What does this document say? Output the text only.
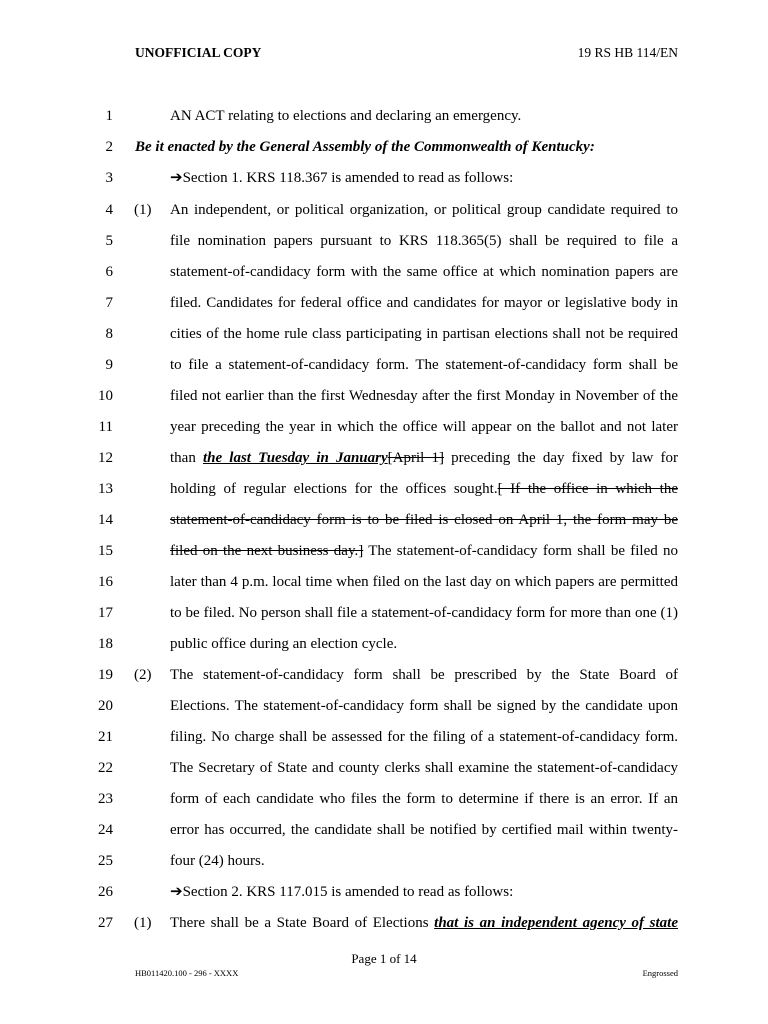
UNOFFICIAL COPY	19 RS HB 114/EN
1	AN ACT relating to elections and declaring an emergency.
2 Be it enacted by the General Assembly of the Commonwealth of Kentucky:
3	➔Section 1. KRS 118.367 is amended to read as follows:
4 (1) An independent, or political organization, or political group candidate required to
5	file nomination papers pursuant to KRS 118.365(5) shall be required to file a
6	statement-of-candidacy form with the same office at which nomination papers are
7	filed. Candidates for federal office and candidates for mayor or legislative body in
8	cities of the home rule class participating in partisan elections shall not be required
9	to file a statement-of-candidacy form. The statement-of-candidacy form shall be
10	filed not earlier than the first Wednesday after the first Monday in November of the
11	year preceding the year in which the office will appear on the ballot and not later
12	than the last Tuesday in January[April 1] preceding the day fixed by law for
13	holding of regular elections for the offices sought.[ If the office in which the
14	statement-of-candidacy form is to be filed is closed on April 1, the form may be
15	filed on the next business day.] The statement-of-candidacy form shall be filed no
16	later than 4 p.m. local time when filed on the last day on which papers are permitted
17	to be filed. No person shall file a statement-of-candidacy form for more than one (1)
18	public office during an election cycle.
19 (2) The statement-of-candidacy form shall be prescribed by the State Board of
20	Elections. The statement-of-candidacy form shall be signed by the candidate upon
21	filing. No charge shall be assessed for the filing of a statement-of-candidacy form.
22	The Secretary of State and county clerks shall examine the statement-of-candidacy
23	form of each candidate who files the form to determine if there is an error. If an
24	error has occurred, the candidate shall be notified by certified mail within twenty-
25	four (24) hours.
26	➔Section 2. KRS 117.015 is amended to read as follows:
27 (1) There shall be a State Board of Elections that is an independent agency of state
Page 1 of 14
HB011420.100 - 296 - XXXX	Engrossed
